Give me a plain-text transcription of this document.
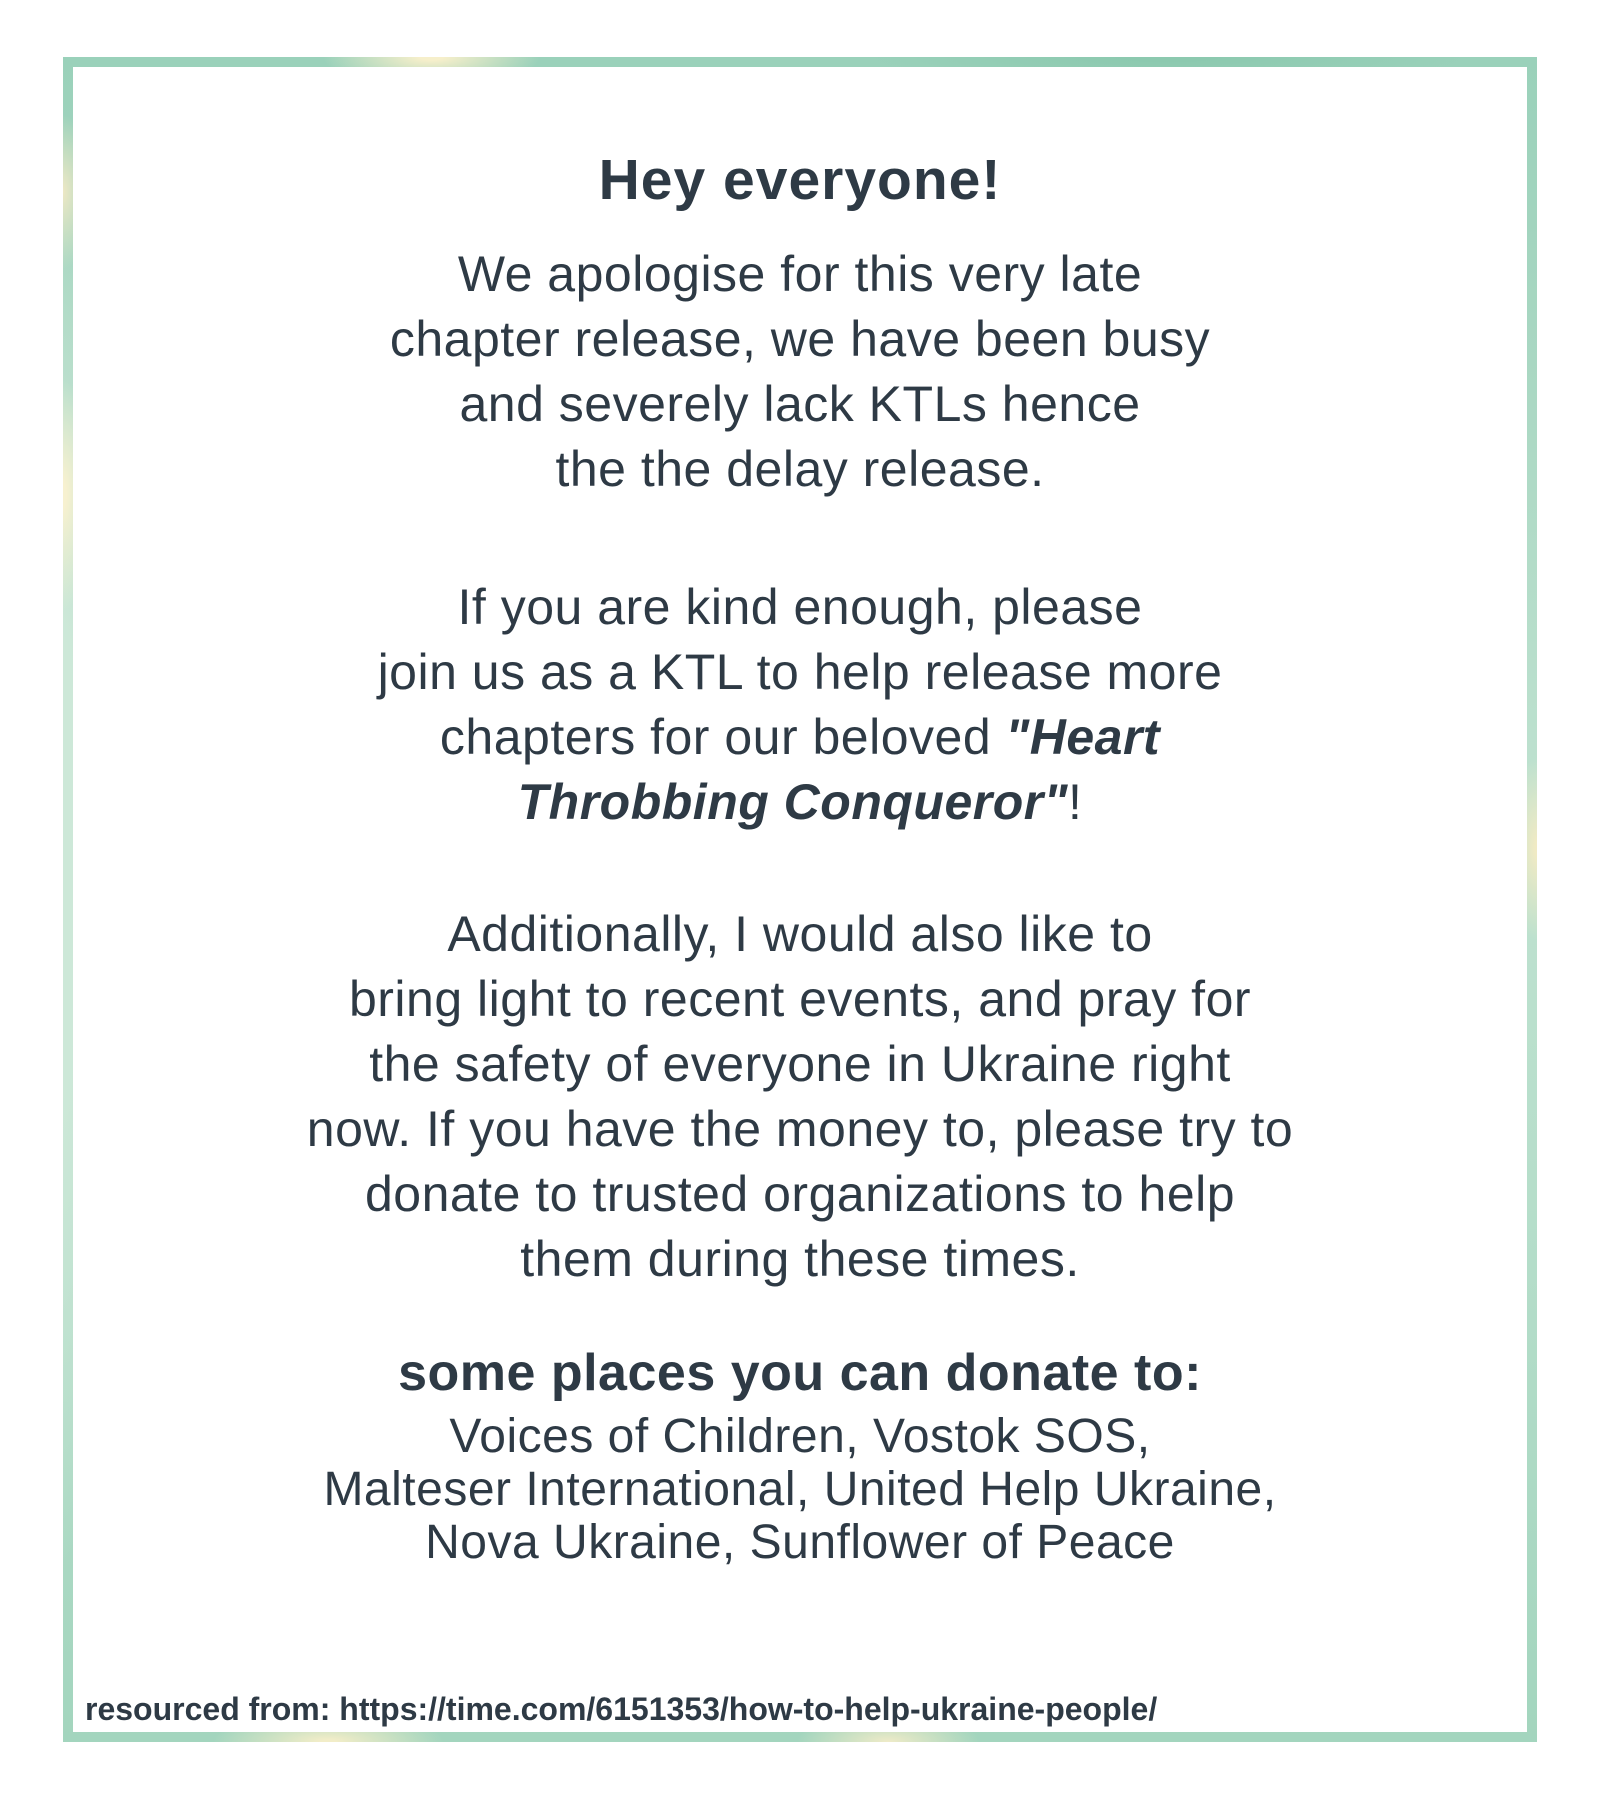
Hey everyone!
We apologise for this very late
chapter release, we have been busy
and severely lack KTLs hence
the the delay release.
If you are kind enough, please
join us as a KTL to help release more
chapters for our beloved "Heart
Throbbing Conqueror"!
Additionally, I would also like to
bring light to recent events, and pray for
the safety of everyone in Ukraine right
now. If you have the money to, please try to
donate to trusted organizations to help
them during these times.
some places you can donate to:
Voices of Children, Vostok SOS,
Malteser International, United Help Ukraine,
Nova Ukraine, Sunflower of Peace
resourced from: https://time.com/6151353/how-to-help-ukraine-people/
